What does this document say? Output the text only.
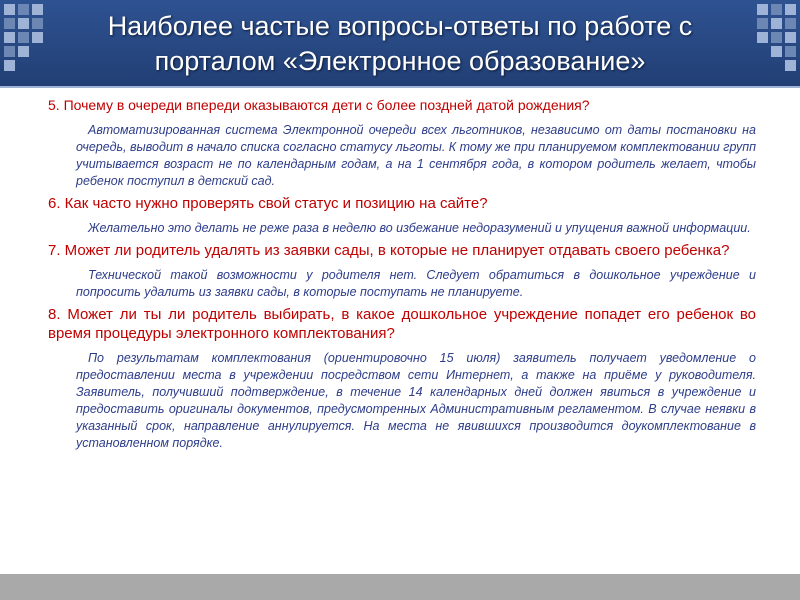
Наиболее частые вопросы-ответы по работе с порталом «Электронное образование»

5. Почему в очереди впереди оказываются дети с более поздней датой рождения?

Автоматизированная система Электронной очереди всех льготников, независимо от даты постановки на очередь, выводит в начало списка согласно статусу льготы. К тому же при планируемом комплектовании групп учитывается возраст не по календарным годам, а на 1 сентября года, в котором родитель желает, чтобы ребенок поступил в детский сад.

6. Как часто нужно проверять свой статус и позицию на сайте?

Желательно это делать не реже раза в неделю во избежание недоразумений и упущения важной информации.

7. Может ли родитель удалять из заявки сады, в которые не планирует отдавать своего ребенка?

Технической такой возможности у родителя нет. Следует обратиться в дошкольное учреждение и попросить удалить из заявки сады, в которые поступать не планируете.

8. Может ли ты ли родитель выбирать, в какое дошкольное учреждение попадет его ребенок во время процедуры электронного комплектования?

По результатам комплектования (ориентировочно 15 июля) заявитель получает уведомление о предоставлении места в учреждении посредством сети Интернет, а также на приёме у руководителя. Заявитель, получивший подтверждение, в течение 14 календарных дней должен явиться в учреждение и предоставить оригиналы документов, предусмотренных Административным регламентом. В случае неявки в указанный срок, направление аннулируется. На места не явившихся производится доукомплектование в установленном порядке.
